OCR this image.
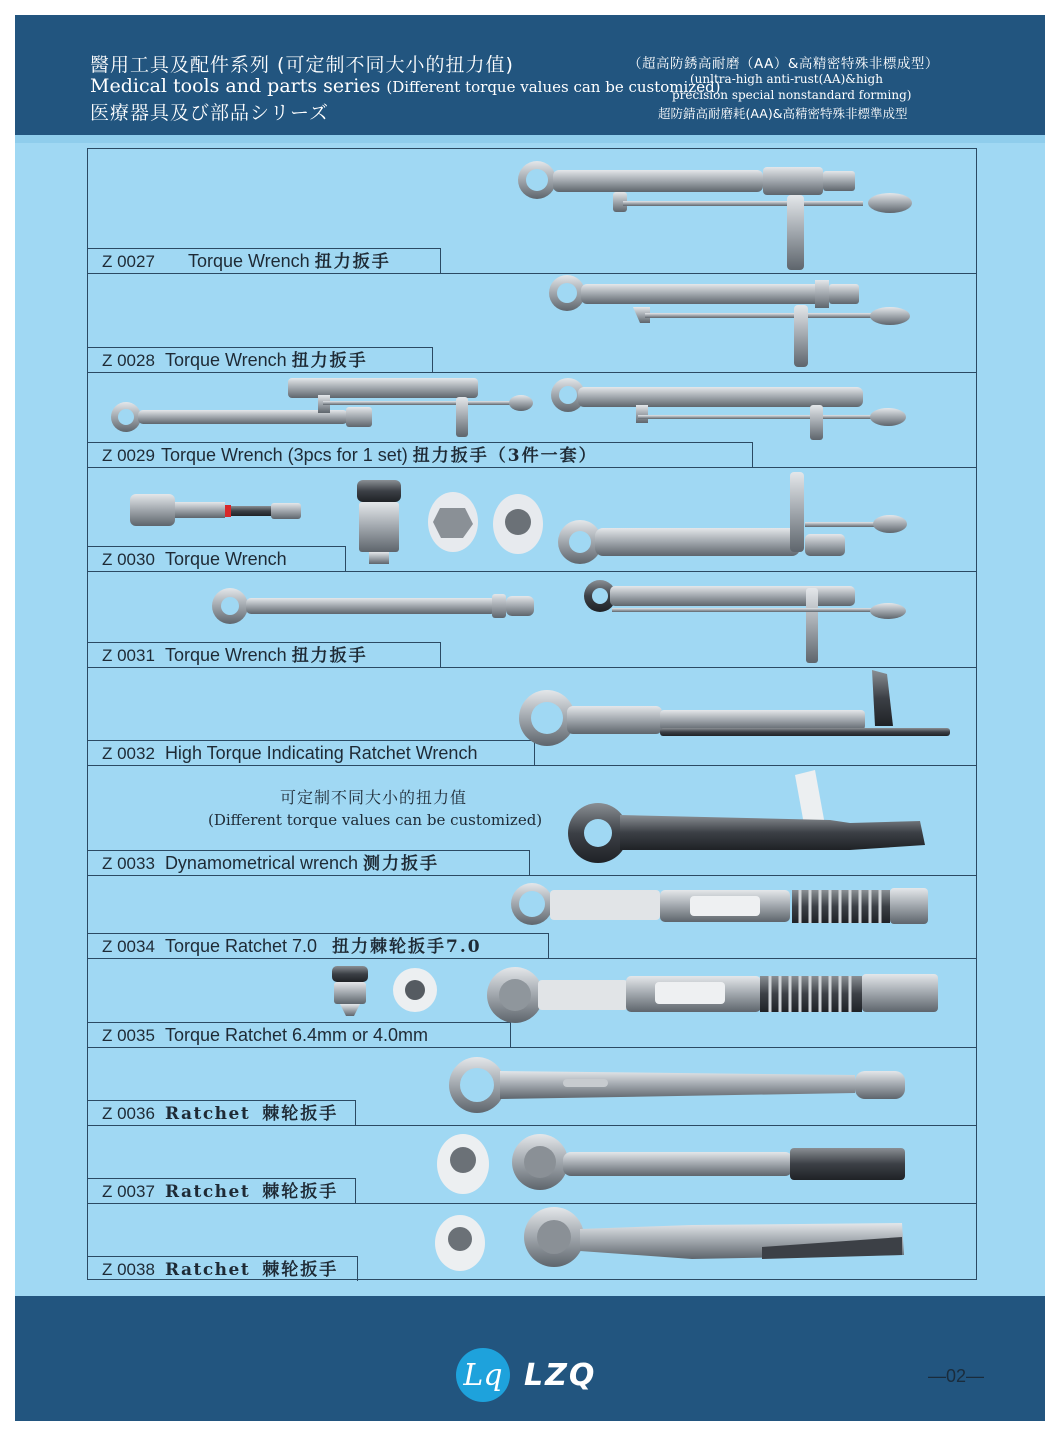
醫用工具及配件系列 (可定制不同大小的扭力值)
Medical tools and parts series (Different torque values can be customized)
医療器具及び部品シリーズ
（超高防銹高耐磨（AA）&高精密特殊非標成型）
(unltra-high anti-rust(AA)&high
precision special nonstandard forming)
超防錆高耐磨耗(AA)&高精密特殊非標準成型
Z 0027 Torque Wrench 扭力扳手
Z 0028 Torque Wrench 扭力扳手
Z 0029 Torque Wrench (3pcs for 1 set) 扭力扳手（3件一套）
Z 0030 Torque Wrench
Z 0031 Torque Wrench 扭力扳手
Z 0032 High Torque Indicating Ratchet Wrench
Z 0033 Dynamometrical wrench 测力扳手
Z 0034 Torque Ratchet 7.0 扭力棘轮扳手7.0
Z 0035 Torque Ratchet 6.4mm or 4.0mm
Z 0036 Ratchet 棘轮扳手
Z 0037 Ratchet 棘轮扳手
Z 0038 Ratchet 棘轮扳手
可定制不同大小的扭力值
(Different torque values can be customized)
Lq LZQ	—02—
